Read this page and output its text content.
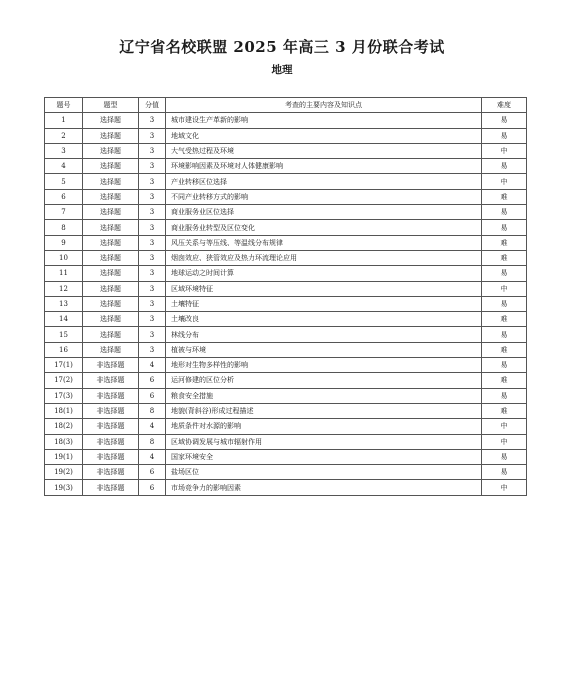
辽宁省名校联盟 2025 年高三 3 月份联合考试
地理
题号	题型	分值	考查的主要内容及知识点	难度
1	选择题	3	城市建设生产革新的影响	易
2	选择题	3	地域文化	易
3	选择题	3	大气受热过程及环境	中
4	选择题	3	环境影响因素及环境对人体健康影响	易
5	选择题	3	产业转移区位选择	中
6	选择题	3	不同产业转移方式的影响	难
7	选择题	3	商业服务业区位选择	易
8	选择题	3	商业服务业转型及区位变化	易
9	选择题	3	风压关系与等压线、等温线分布规律	难
10	选择题	3	烟囱效应、狭管效应及热力环流理论应用	难
11	选择题	3	地球运动之时间计算	易
12	选择题	3	区域环境特征	中
13	选择题	3	土壤特征	易
14	选择题	3	土壤改良	难
15	选择题	3	林线分布	易
16	选择题	3	植被与环境	难
17(1)	非选择题	4	地形对生物多样性的影响	易
17(2)	非选择题	6	运河修建的区位分析	难
17(3)	非选择题	6	粮食安全措施	易
18(1)	非选择题	8	地貌(背斜谷)形成过程描述	难
18(2)	非选择题	4	地质条件对水源的影响	中
18(3)	非选择题	8	区域协调发展与城市辐射作用	中
19(1)	非选择题	4	国家环境安全	易
19(2)	非选择题	6	盐场区位	易
19(3)	非选择题	6	市场竞争力的影响因素	中
